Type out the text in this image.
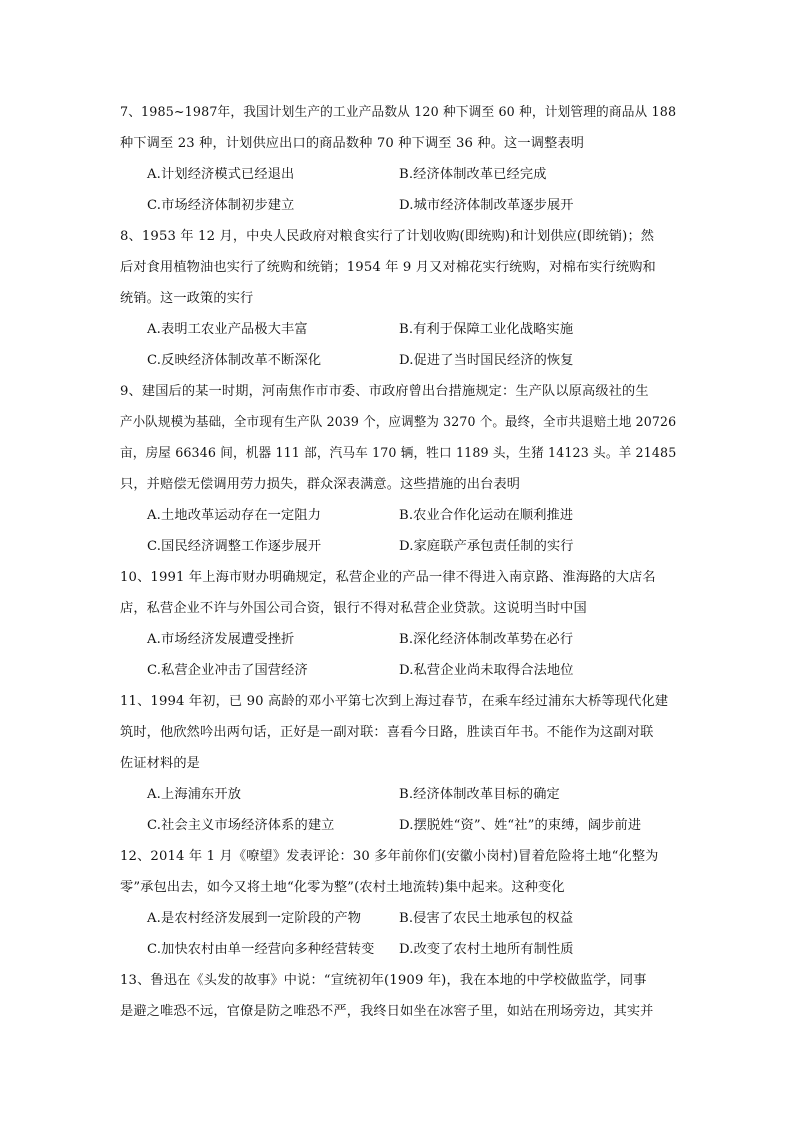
7、1985~1987年，我国计划生产的工业产品数从 120 种下调至 60 种，计划管理的商品从 188
种下调至 23 种，计划供应出口的商品数种 70 种下调至 36 种。这一调整表明
A.计划经济模式已经退出	B.经济体制改革已经完成
C.市场经济体制初步建立	D.城市经济体制改革逐步展开
8、1953 年 12 月，中央人民政府对粮食实行了计划收购(即统购)和计划供应(即统销)；然
后对食用植物油也实行了统购和统销；1954 年 9 月又对棉花实行统购，对棉布实行统购和
统销。这一政策的实行
A.表明工农业产品极大丰富	B.有利于保障工业化战略实施
C.反映经济体制改革不断深化	D.促进了当时国民经济的恢复
9、建国后的某一时期，河南焦作市市委、市政府曾出台措施规定：生产队以原高级社的生
产小队规模为基础，全市现有生产队 2039 个，应调整为 3270 个。最终，全市共退赔土地 20726
亩，房屋 66346 间，机器 111 部，汽马车 170 辆，牲口 1189 头，生猪 14123 头。羊 21485
只，并赔偿无偿调用劳力损失，群众深表满意。这些措施的出台表明
A.土地改革运动存在一定阻力	B.农业合作化运动在顺利推进
C.国民经济调整工作逐步展开	D.家庭联产承包责任制的实行
10、1991 年上海市财办明确规定，私营企业的产品一律不得进入南京路、淮海路的大店名
店，私营企业不许与外国公司合资，银行不得对私营企业贷款。这说明当时中国
A.市场经济发展遭受挫折	B.深化经济体制改革势在必行
C.私营企业冲击了国营经济	D.私营企业尚未取得合法地位
11、1994 年初，已 90 高龄的邓小平第七次到上海过春节，在乘车经过浦东大桥等现代化建
筑时，他欣然吟出两句话，正好是一副对联：喜看今日路，胜读百年书。不能作为这副对联
佐证材料的是
A.上海浦东开放	B.经济体制改革目标的确定
C.社会主义市场经济体系的建立	D.摆脱姓“资”、姓“社”的束缚，阔步前进
12、2014 年 1 月《嘹望》发表评论：30 多年前你们(安徽小岗村)冒着危险将土地“化整为
零”承包出去，如今又将土地“化零为整”(农村土地流转)集中起来。这种变化
A.是农村经济发展到一定阶段的产物	B.侵害了农民土地承包的权益
C.加快农村由单一经营向多种经营转变 D.改变了农村土地所有制性质
13、鲁迅在《头发的故事》中说：“宣统初年(1909 年)，我在本地的中学校做监学，同事
是避之唯恐不远，官僚是防之唯恐不严，我终日如坐在冰窖子里，如站在刑场旁边，其实并
